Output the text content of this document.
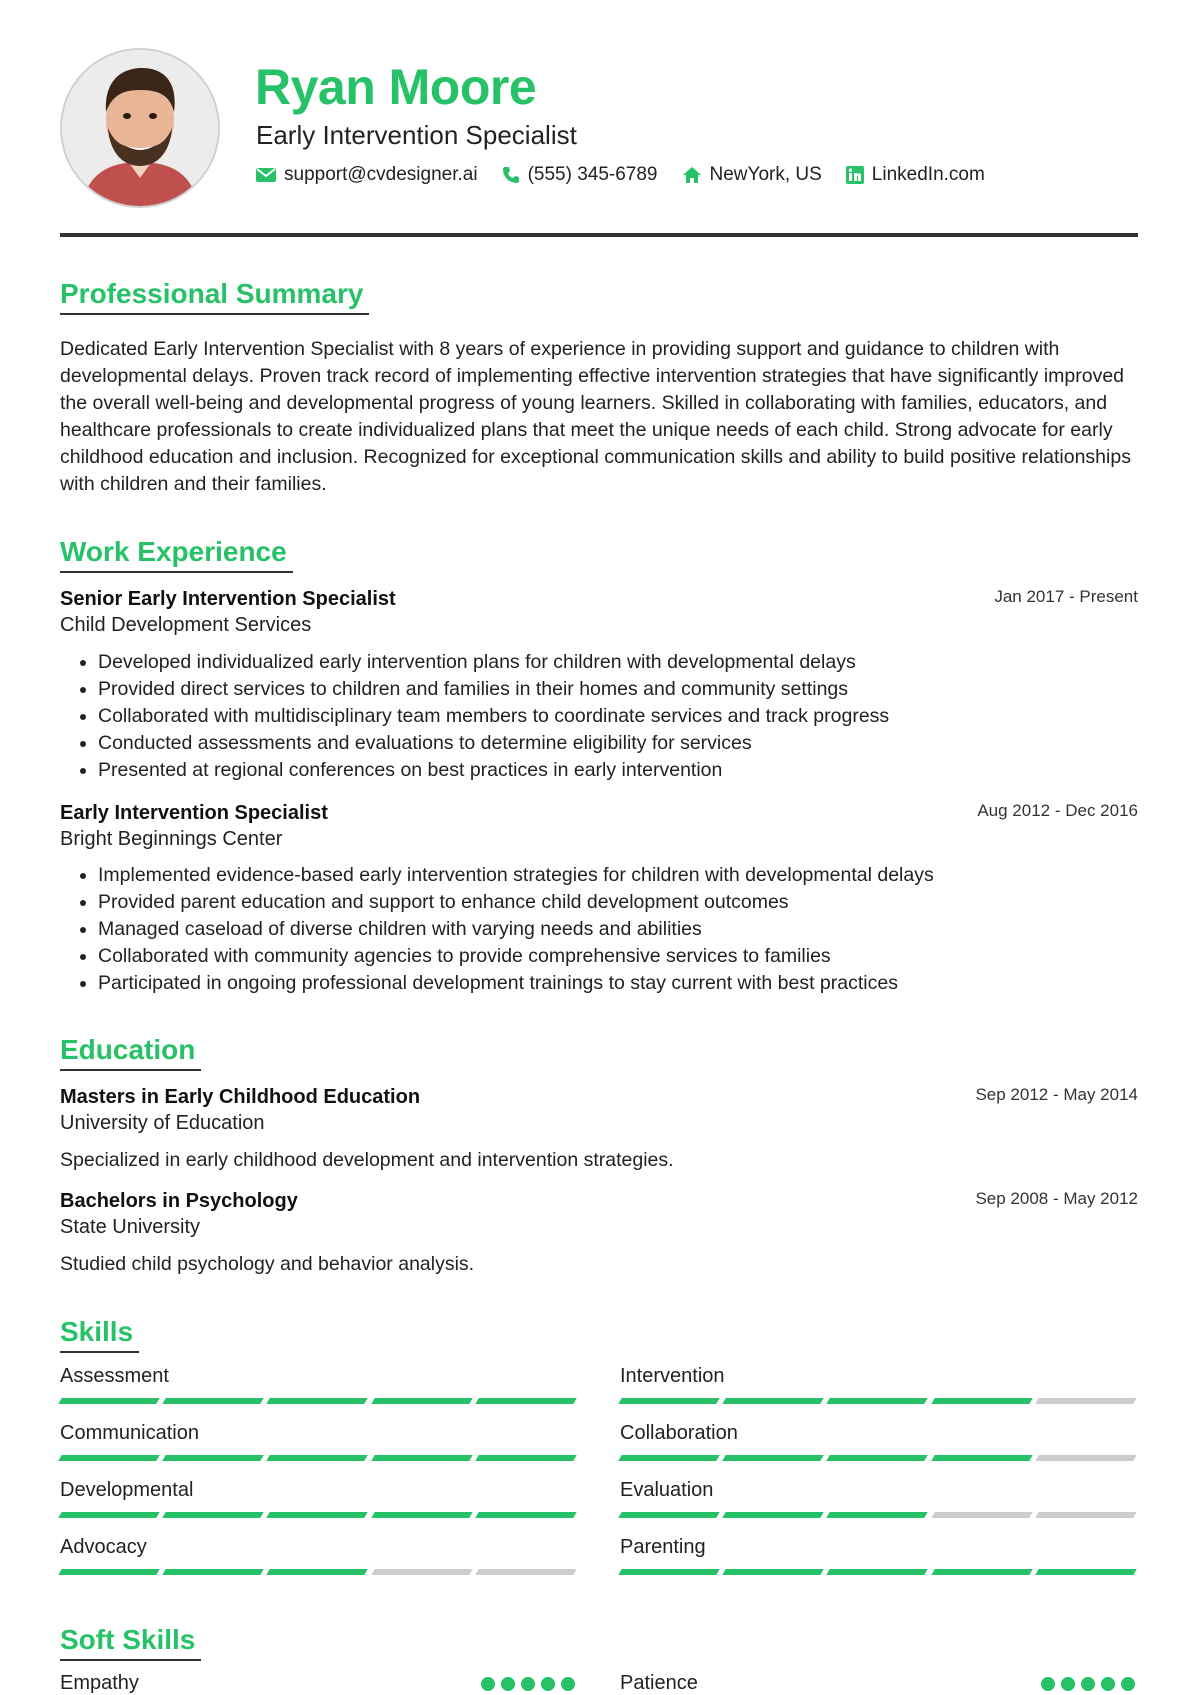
Ryan Moore
Early Intervention Specialist
support@cvdesigner.ai	(555) 345-6789	NewYork, US	LinkedIn.com
Professional Summary
Dedicated Early Intervention Specialist with 8 years of experience in providing support and guidance to children with developmental delays. Proven track record of implementing effective intervention strategies that have significantly improved the overall well-being and developmental progress of young learners. Skilled in collaborating with families, educators, and healthcare professionals to create individualized plans that meet the unique needs of each child. Strong advocate for early childhood education and inclusion. Recognized for exceptional communication skills and ability to build positive relationships with children and their families.
Work Experience
Senior Early Intervention Specialist	Jan 2017 - Present
Child Development Services
• Developed individualized early intervention plans for children with developmental delays
• Provided direct services to children and families in their homes and community settings
• Collaborated with multidisciplinary team members to coordinate services and track progress
• Conducted assessments and evaluations to determine eligibility for services
• Presented at regional conferences on best practices in early intervention
Early Intervention Specialist	Aug 2012 - Dec 2016
Bright Beginnings Center
• Implemented evidence-based early intervention strategies for children with developmental delays
• Provided parent education and support to enhance child development outcomes
• Managed caseload of diverse children with varying needs and abilities
• Collaborated with community agencies to provide comprehensive services to families
• Participated in ongoing professional development trainings to stay current with best practices
Education
Masters in Early Childhood Education	Sep 2012 - May 2014
University of Education
Specialized in early childhood development and intervention strategies.
Bachelors in Psychology	Sep 2008 - May 2012
State University
Studied child psychology and behavior analysis.
Skills
Assessment	Intervention
Communication	Collaboration
Developmental	Evaluation
Advocacy	Parenting
Soft Skills
Empathy	Patience
